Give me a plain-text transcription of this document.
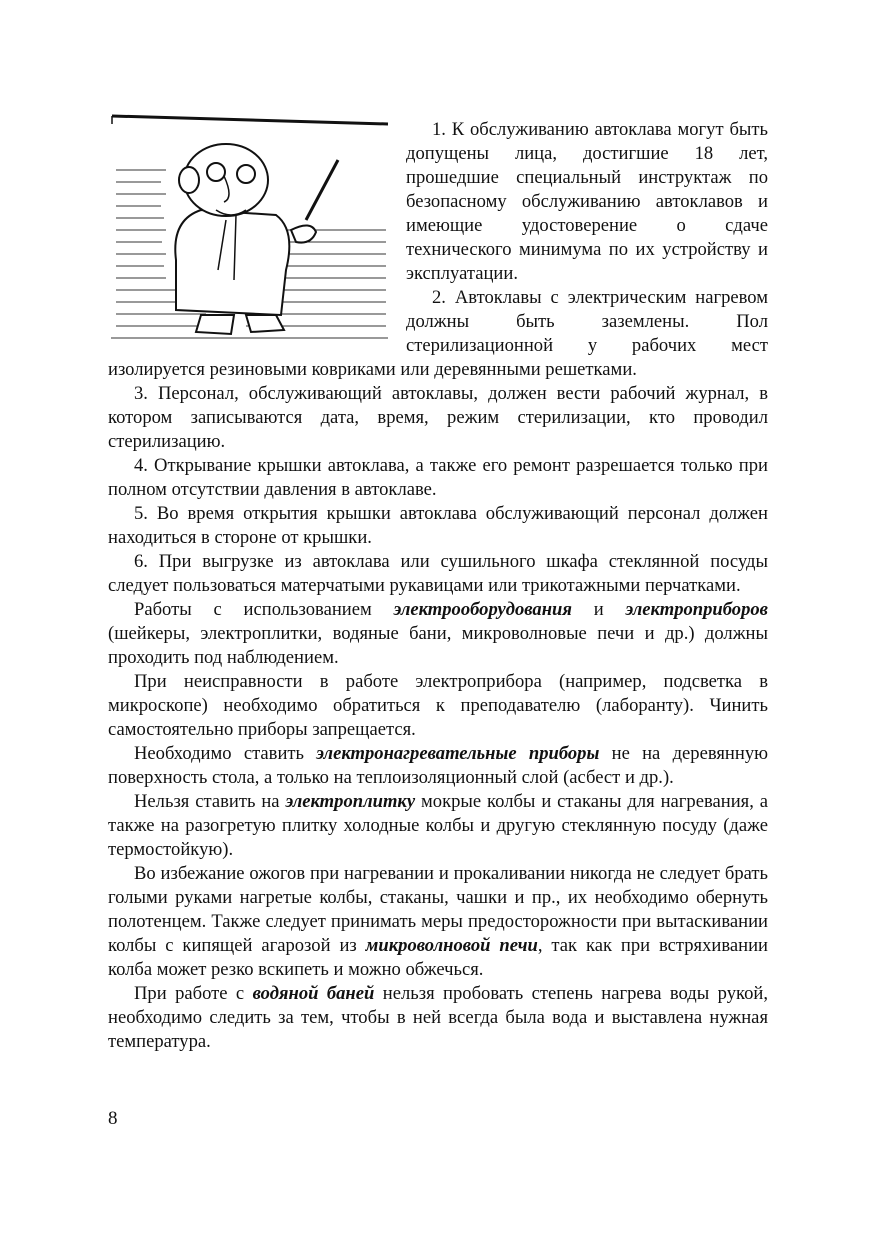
1. К обслуживанию автоклава могут быть допущены лица, достигшие 18 лет, прошедшие специальный инструктаж по безопасному обслуживанию автоклавов и имеющие удостоверение о сдаче технического минимума по их устройству и эксплуатации.

2. Автоклавы с электрическим нагревом должны быть заземлены. Пол стерилизационной у рабочих мест изолируется резиновыми ковриками или деревянными решетками.

3. Персонал, обслуживающий автоклавы, должен вести рабочий журнал, в котором записываются дата, время, режим стерилизации, кто проводил стерилизацию.

4. Открывание крышки автоклава, а также его ремонт разрешается только при полном отсутствии давления в автоклаве.

5. Во время открытия крышки автоклава обслуживающий персонал должен находиться в стороне от крышки.

6. При выгрузке из автоклава или сушильного шкафа стеклянной посуды следует пользоваться матерчатыми рукавицами или трикотажными перчатками.

Работы с использованием электрооборудования и электроприборов (шейкеры, электроплитки, водяные бани, микроволновые печи и др.) должны проходить под наблюдением.

При неисправности в работе электроприбора (например, подсветка в микроскопе) необходимо обратиться к преподавателю (лаборанту). Чинить самостоятельно приборы запрещается.

Необходимо ставить электронагревательные приборы не на деревянную поверхность стола, а только на теплоизоляционный слой (асбест и др.).

Нельзя ставить на электроплитку мокрые колбы и стаканы для нагревания, а также на разогретую плитку холодные колбы и другую стеклянную посуду (даже термостойкую).

Во избежание ожогов при нагревании и прокаливании никогда не следует брать голыми руками нагретые колбы, стаканы, чашки и пр., их необходимо обернуть полотенцем. Также следует принимать меры предосторожности при вытаскивании колбы с кипящей агарозой из микроволновой печи, так как при встряхивании колба может резко вскипеть и можно обжечься.

При работе с водяной баней нельзя пробовать степень нагрева воды рукой, необходимо следить за тем, чтобы в ней всегда была вода и выставлена нужная температура.

8
